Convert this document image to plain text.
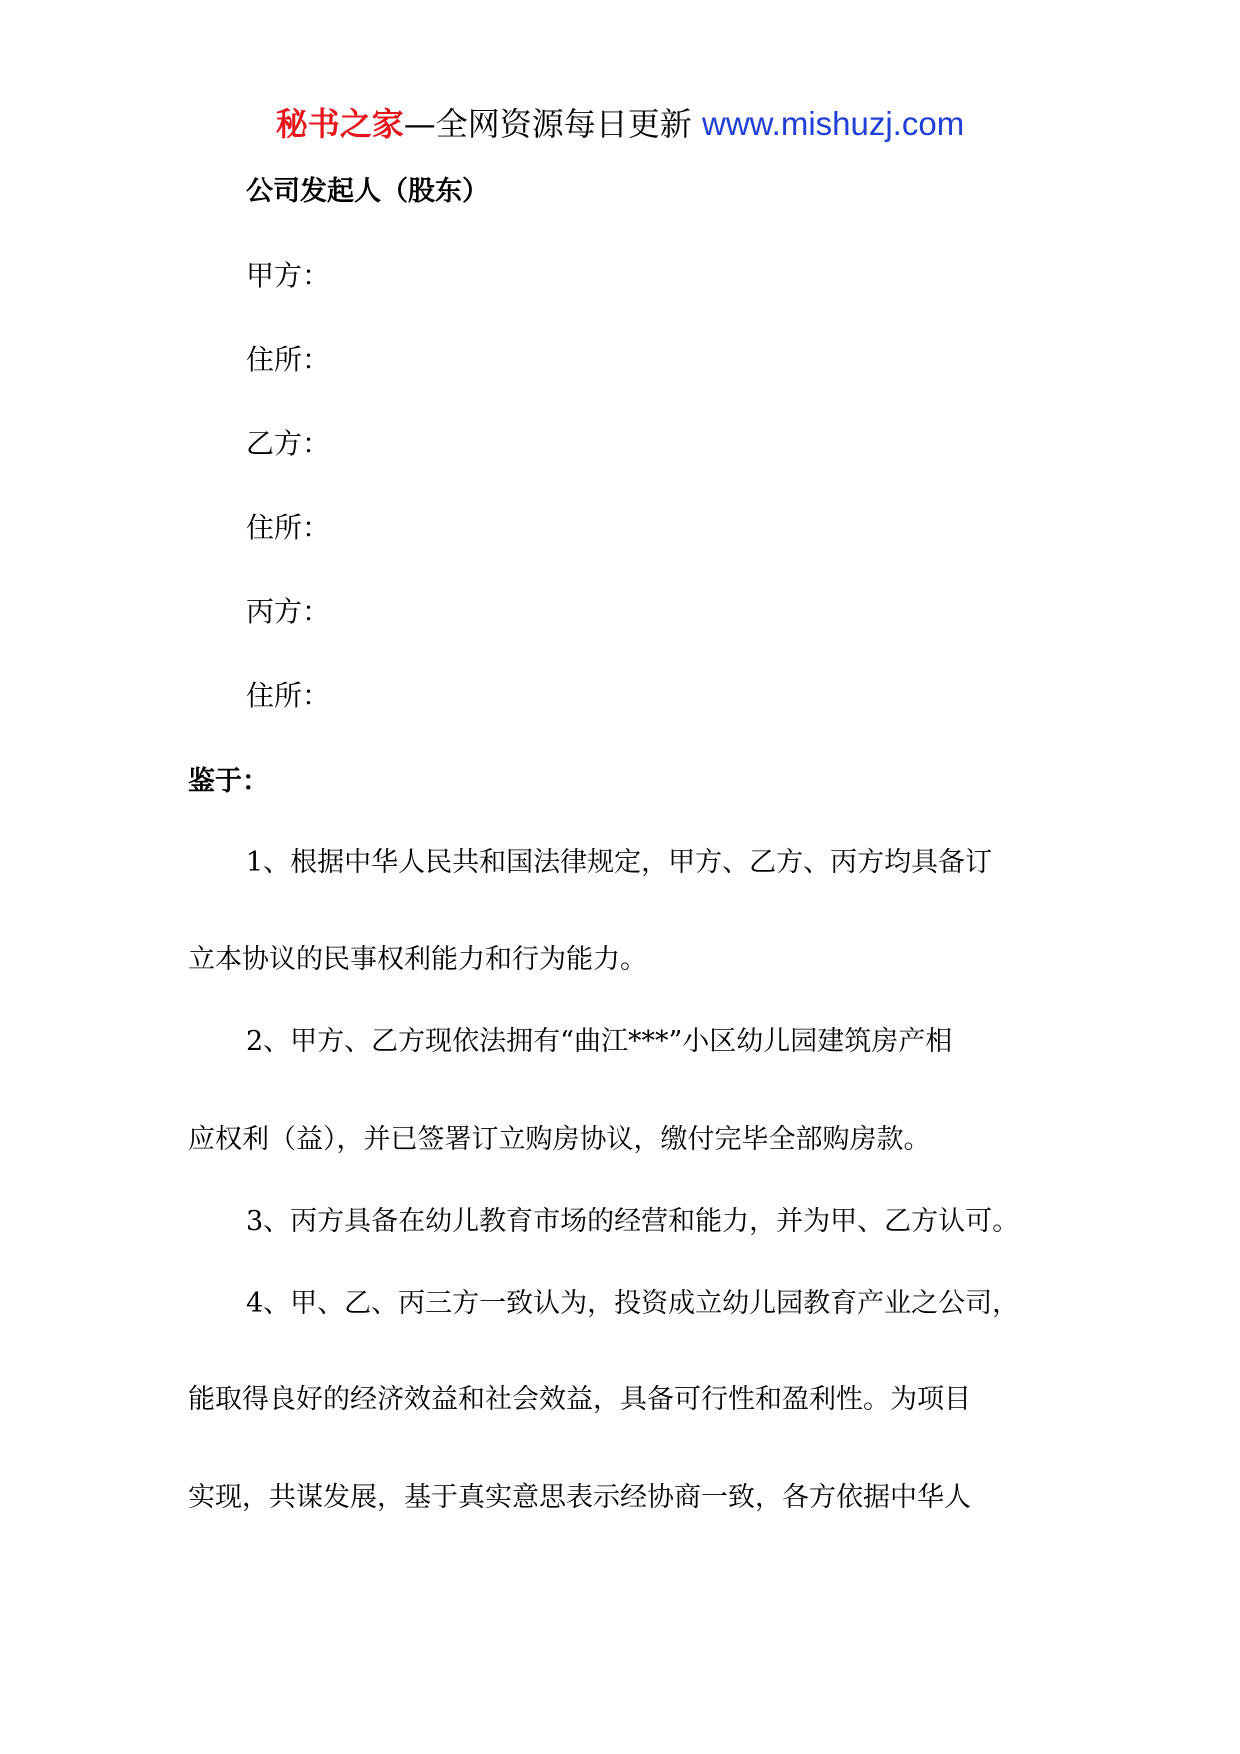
秘书之家—全网资源每日更新 www.mishuzj.com
公司发起人（股东）
甲方：
住所：
乙方：
住所：
丙方：
住所：
鉴于：
1、根据中华人民共和国法律规定，甲方、乙方、丙方均具备订
立本协议的民事权利能力和行为能力。
2、甲方、乙方现依法拥有“曲江***”小区幼儿园建筑房产相
应权利（益），并已签署订立购房协议，缴付完毕全部购房款。
3、丙方具备在幼儿教育市场的经营和能力，并为甲、乙方认可。
4、甲、乙、丙三方一致认为，投资成立幼儿园教育产业之公司，
能取得良好的经济效益和社会效益，具备可行性和盈利性。为项目
实现，共谋发展，基于真实意思表示经协商一致，各方依据中华人
